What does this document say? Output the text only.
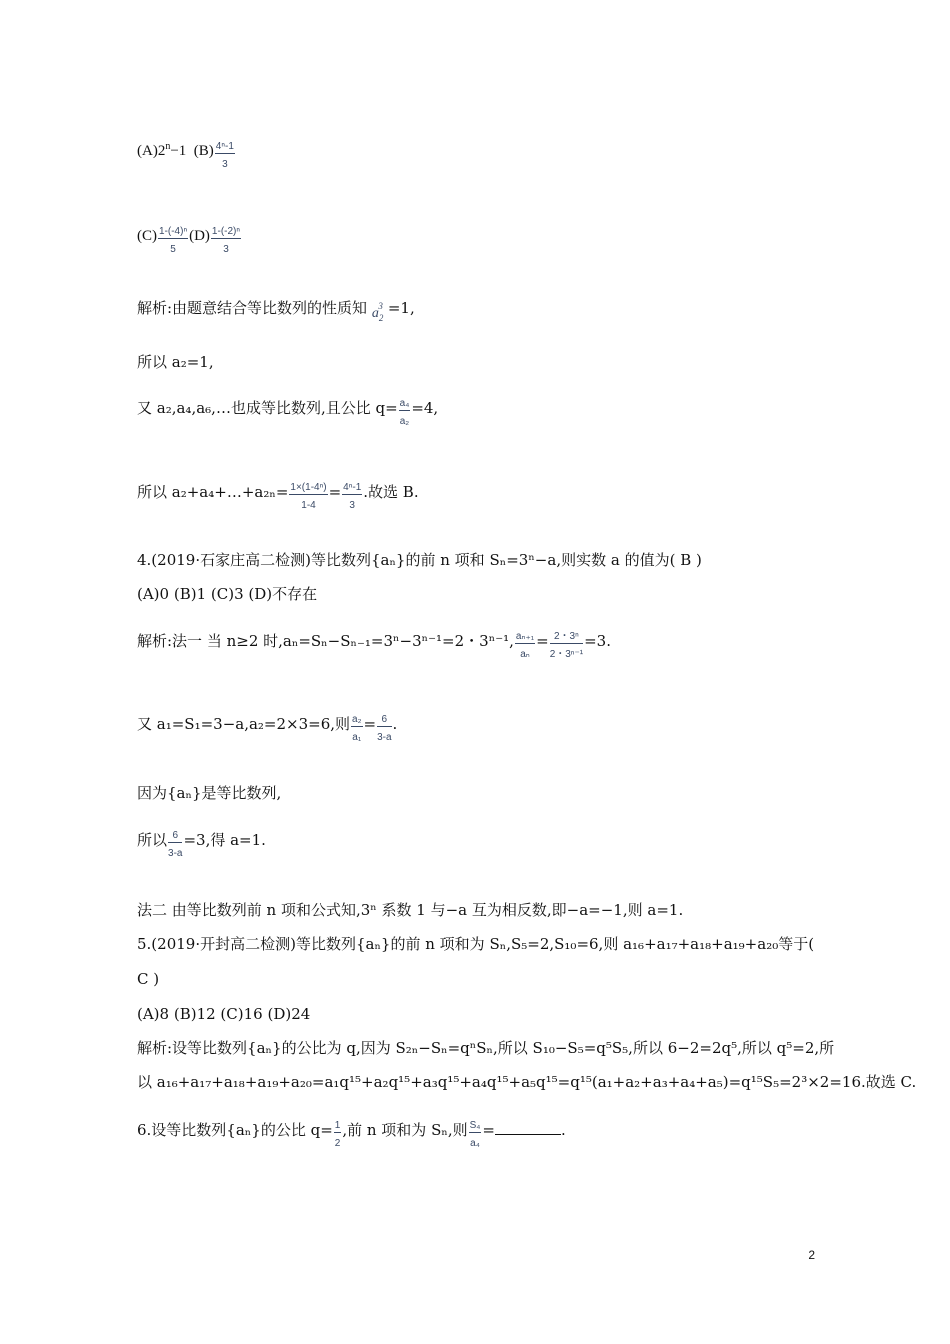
$(A)2^n-1$ $(B) \frac{\text{4ⁿ-1}}{3}$
$(C) \frac{\text{1-(-4)ⁿ}}{5} (D) \frac{\text{1-(-2)ⁿ}}{3}$
解析:由题意结合等比数列的性质知 $a_2^3 =1$,
所以 a₂=1,
又 a₂,a₄,a₆,…也成等比数列,且公比 $q= \frac{\text{a₄}}{\text{a₂}} =4$,
所以 a₂+a₄+…+a₂ₙ= $\frac{\text{1×(1-4ⁿ)}}{1-4} = \frac{\text{4ⁿ-1}}{3}$ .故选 B.
4.(2019·石家庄高二检测)等比数列{aₙ}的前 n 项和 Sₙ=3ⁿ−a,则实数 a 的值为( B )
(A)0 (B)1 (C)3 (D)不存在
解析:法一 当 n≥2 时,aₙ=Sₙ−Sₙ₋₁=3ⁿ−3ⁿ⁻¹=2・3ⁿ⁻¹, $\frac{\text{aₙ₊₁}}{\text{aₙ}} = \frac{\text{2・3ⁿ}}{\text{2・3ⁿ⁻¹}} =3$.
又 a₁=S₁=3−a,a₂=2×3=6,则 $\frac{\text{a₂}}{\text{a₁}} = \frac{6}{3-a}$ .
因为{aₙ}是等比数列,
所以 $\frac{6}{3-a} =3$,得 a=1.
法二 由等比数列前 n 项和公式知,3ⁿ 系数 1 与−a 互为相反数,即−a=−1,则 a=1.
5.(2019·开封高二检测)等比数列{aₙ}的前 n 项和为 Sₙ,S₅=2,S₁₀=6,则 a₁₆+a₁₇+a₁₈+a₁₉+a₂₀等于(
C )
(A)8 (B)12 (C)16 (D)24
解析:设等比数列{aₙ}的公比为 q,因为 S₂ₙ−Sₙ=qⁿSₙ,所以 S₁₀−S₅=q⁵S₅,所以 6−2=2q⁵,所以 q⁵=2,所
以 a₁₆+a₁₇+a₁₈+a₁₉+a₂₀=a₁q¹⁵+a₂q¹⁵+a₃q¹⁵+a₄q¹⁵+a₅q¹⁵=q¹⁵(a₁+a₂+a₃+a₄+a₅)=q¹⁵S₅=2³×2=16.故选 C.
6.设等比数列{aₙ}的公比 $q= \frac{1}{2}$ ,前 n 项和为 Sₙ,则 $\frac{\text{S₄}}{\text{a₄}}$ =	.
2
